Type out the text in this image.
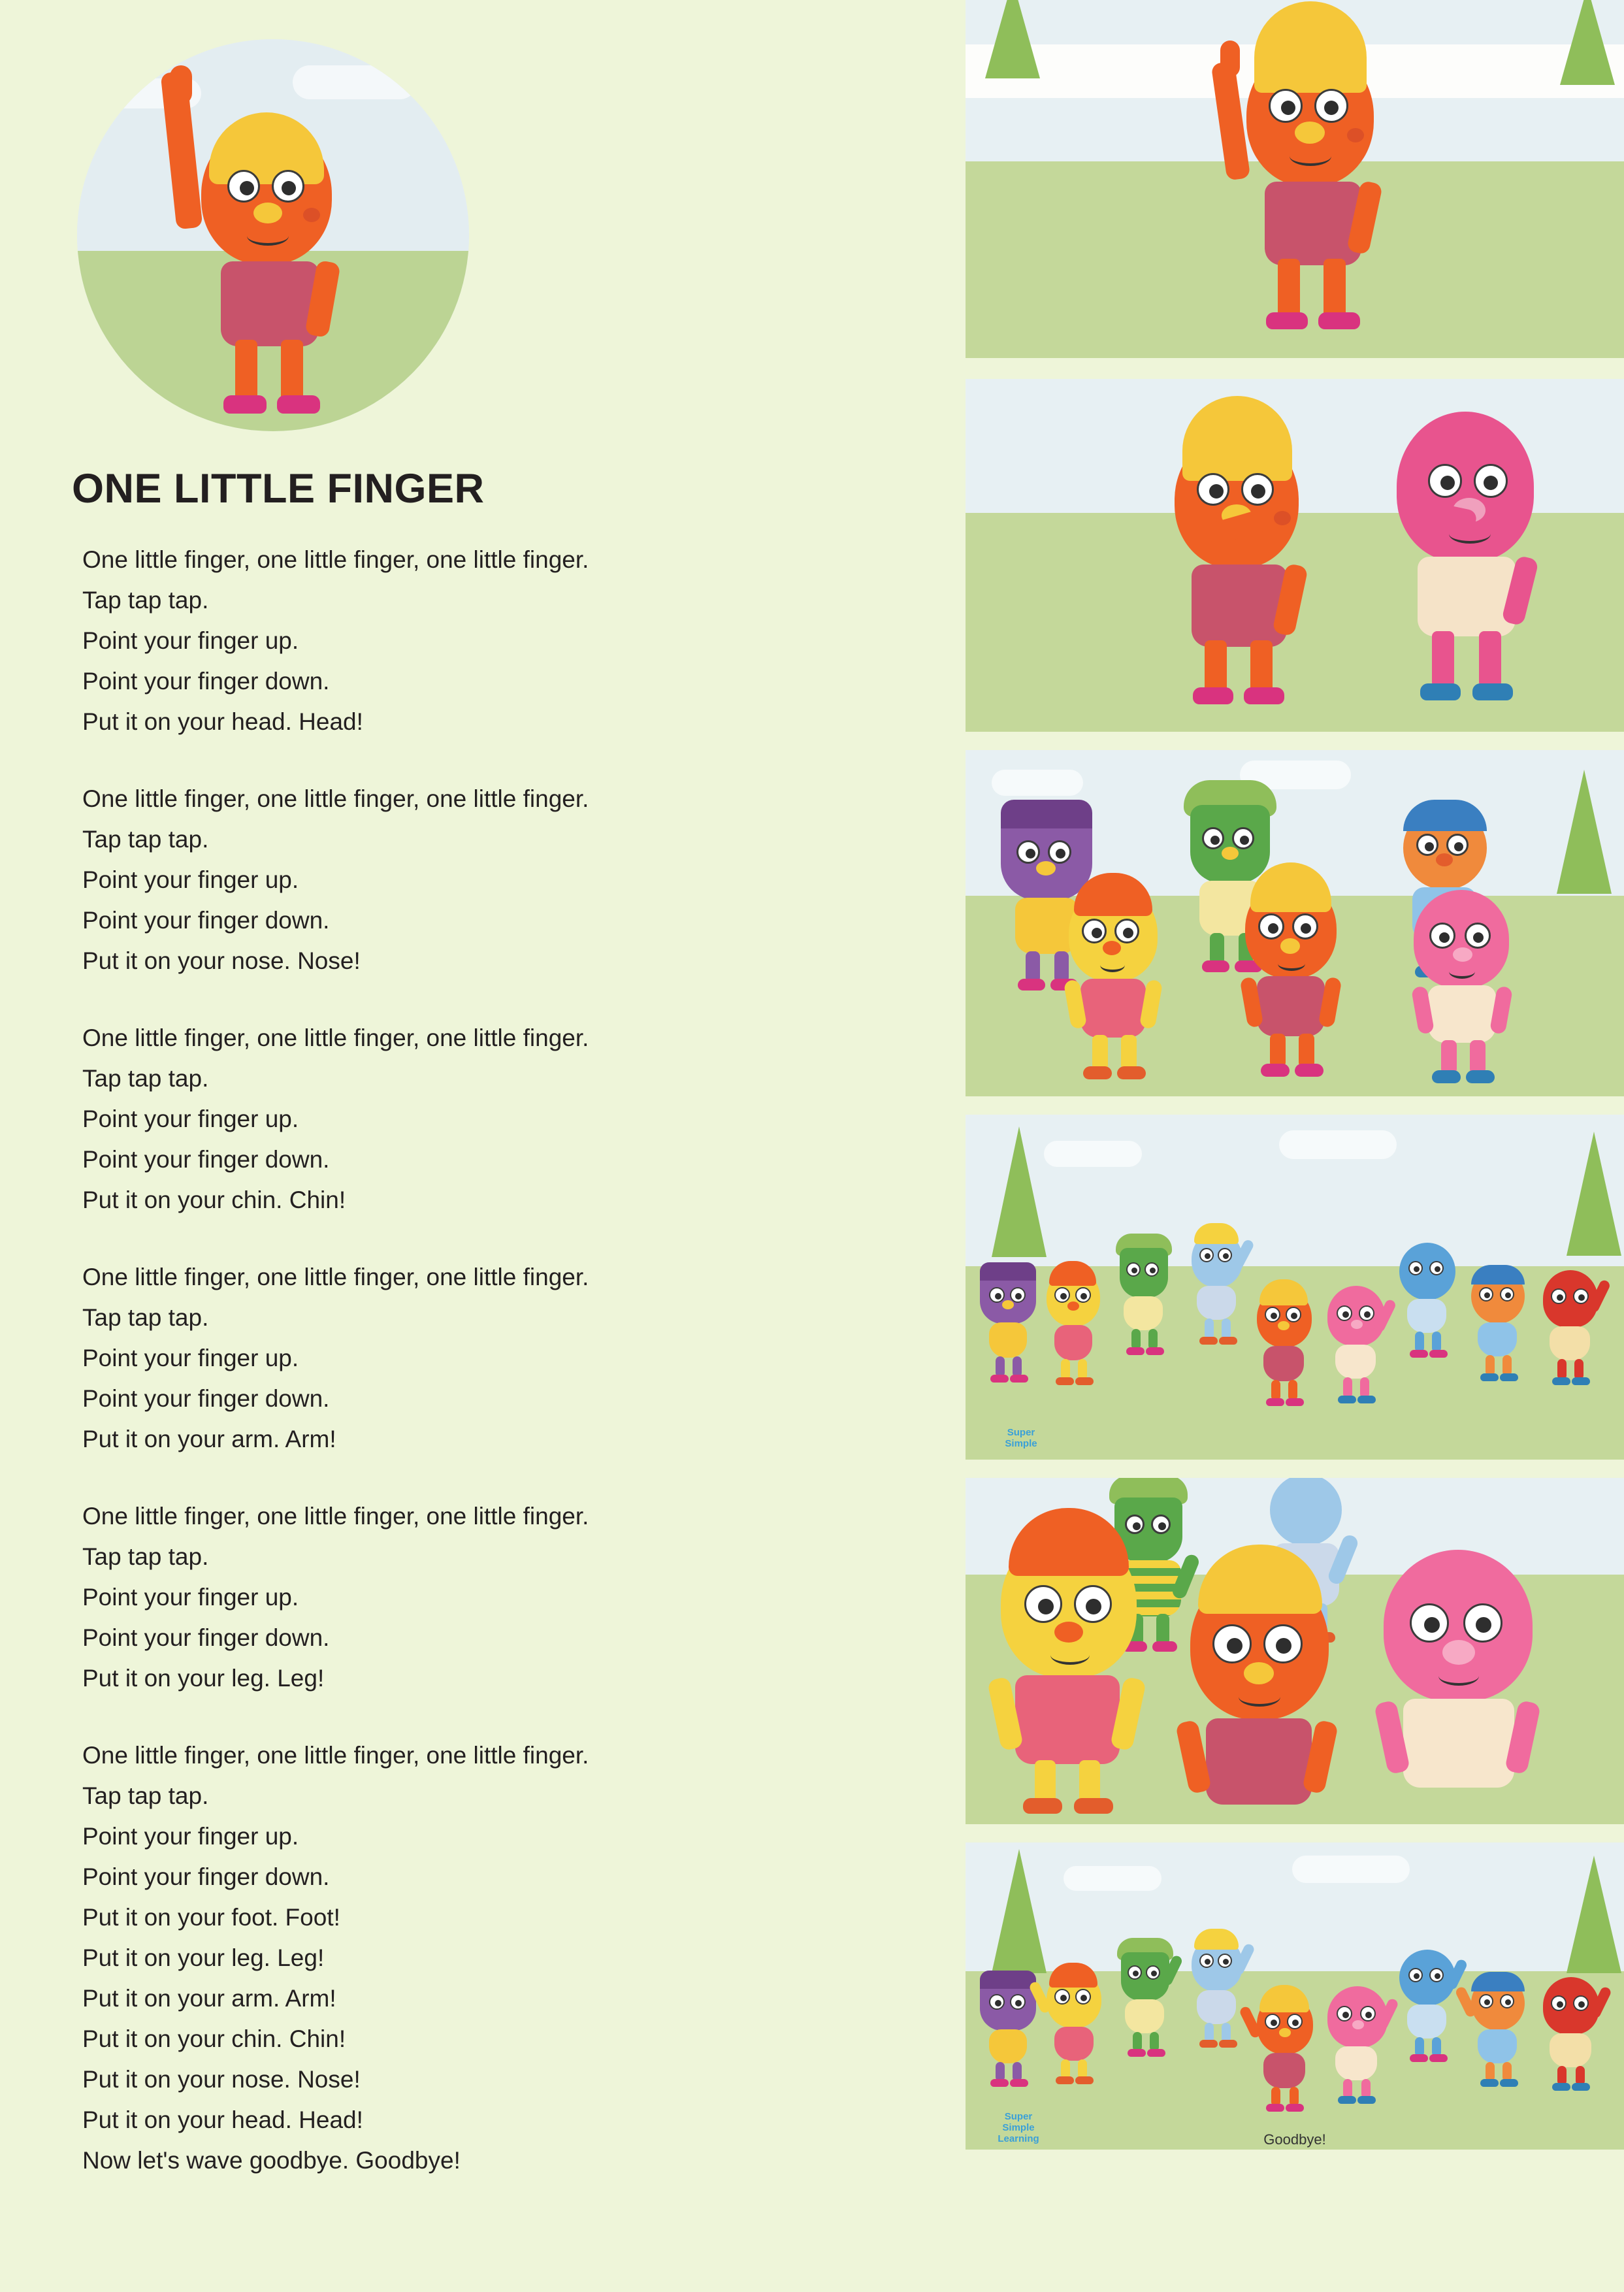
ONE LITTLE FINGER
One little finger, one little finger, one little finger.
Tap tap tap.
Point your finger up.
Point your finger down.
Put it on your head. Head!
One little finger, one little finger, one little finger.
Tap tap tap.
Point your finger up.
Point your finger down.
Put it on your nose. Nose!
One little finger, one little finger, one little finger.
Tap tap tap.
Point your finger up.
Point your finger down.
Put it on your chin. Chin!
One little finger, one little finger, one little finger.
Tap tap tap.
Point your finger up.
Point your finger down.
Put it on your arm. Arm!
One little finger, one little finger, one little finger.
Tap tap tap.
Point your finger up.
Point your finger down.
Put it on your leg. Leg!
One little finger, one little finger, one little finger.
Tap tap tap.
Point your finger up.
Point your finger down.
Put it on your foot. Foot!
Put it on your leg. Leg!
Put it on your arm. Arm!
Put it on your chin. Chin!
Put it on your nose. Nose!
Put it on your head. Head!
Now let's wave goodbye. Goodbye!
Super
Simple
Super
Simple
Learning	Goodbye!
